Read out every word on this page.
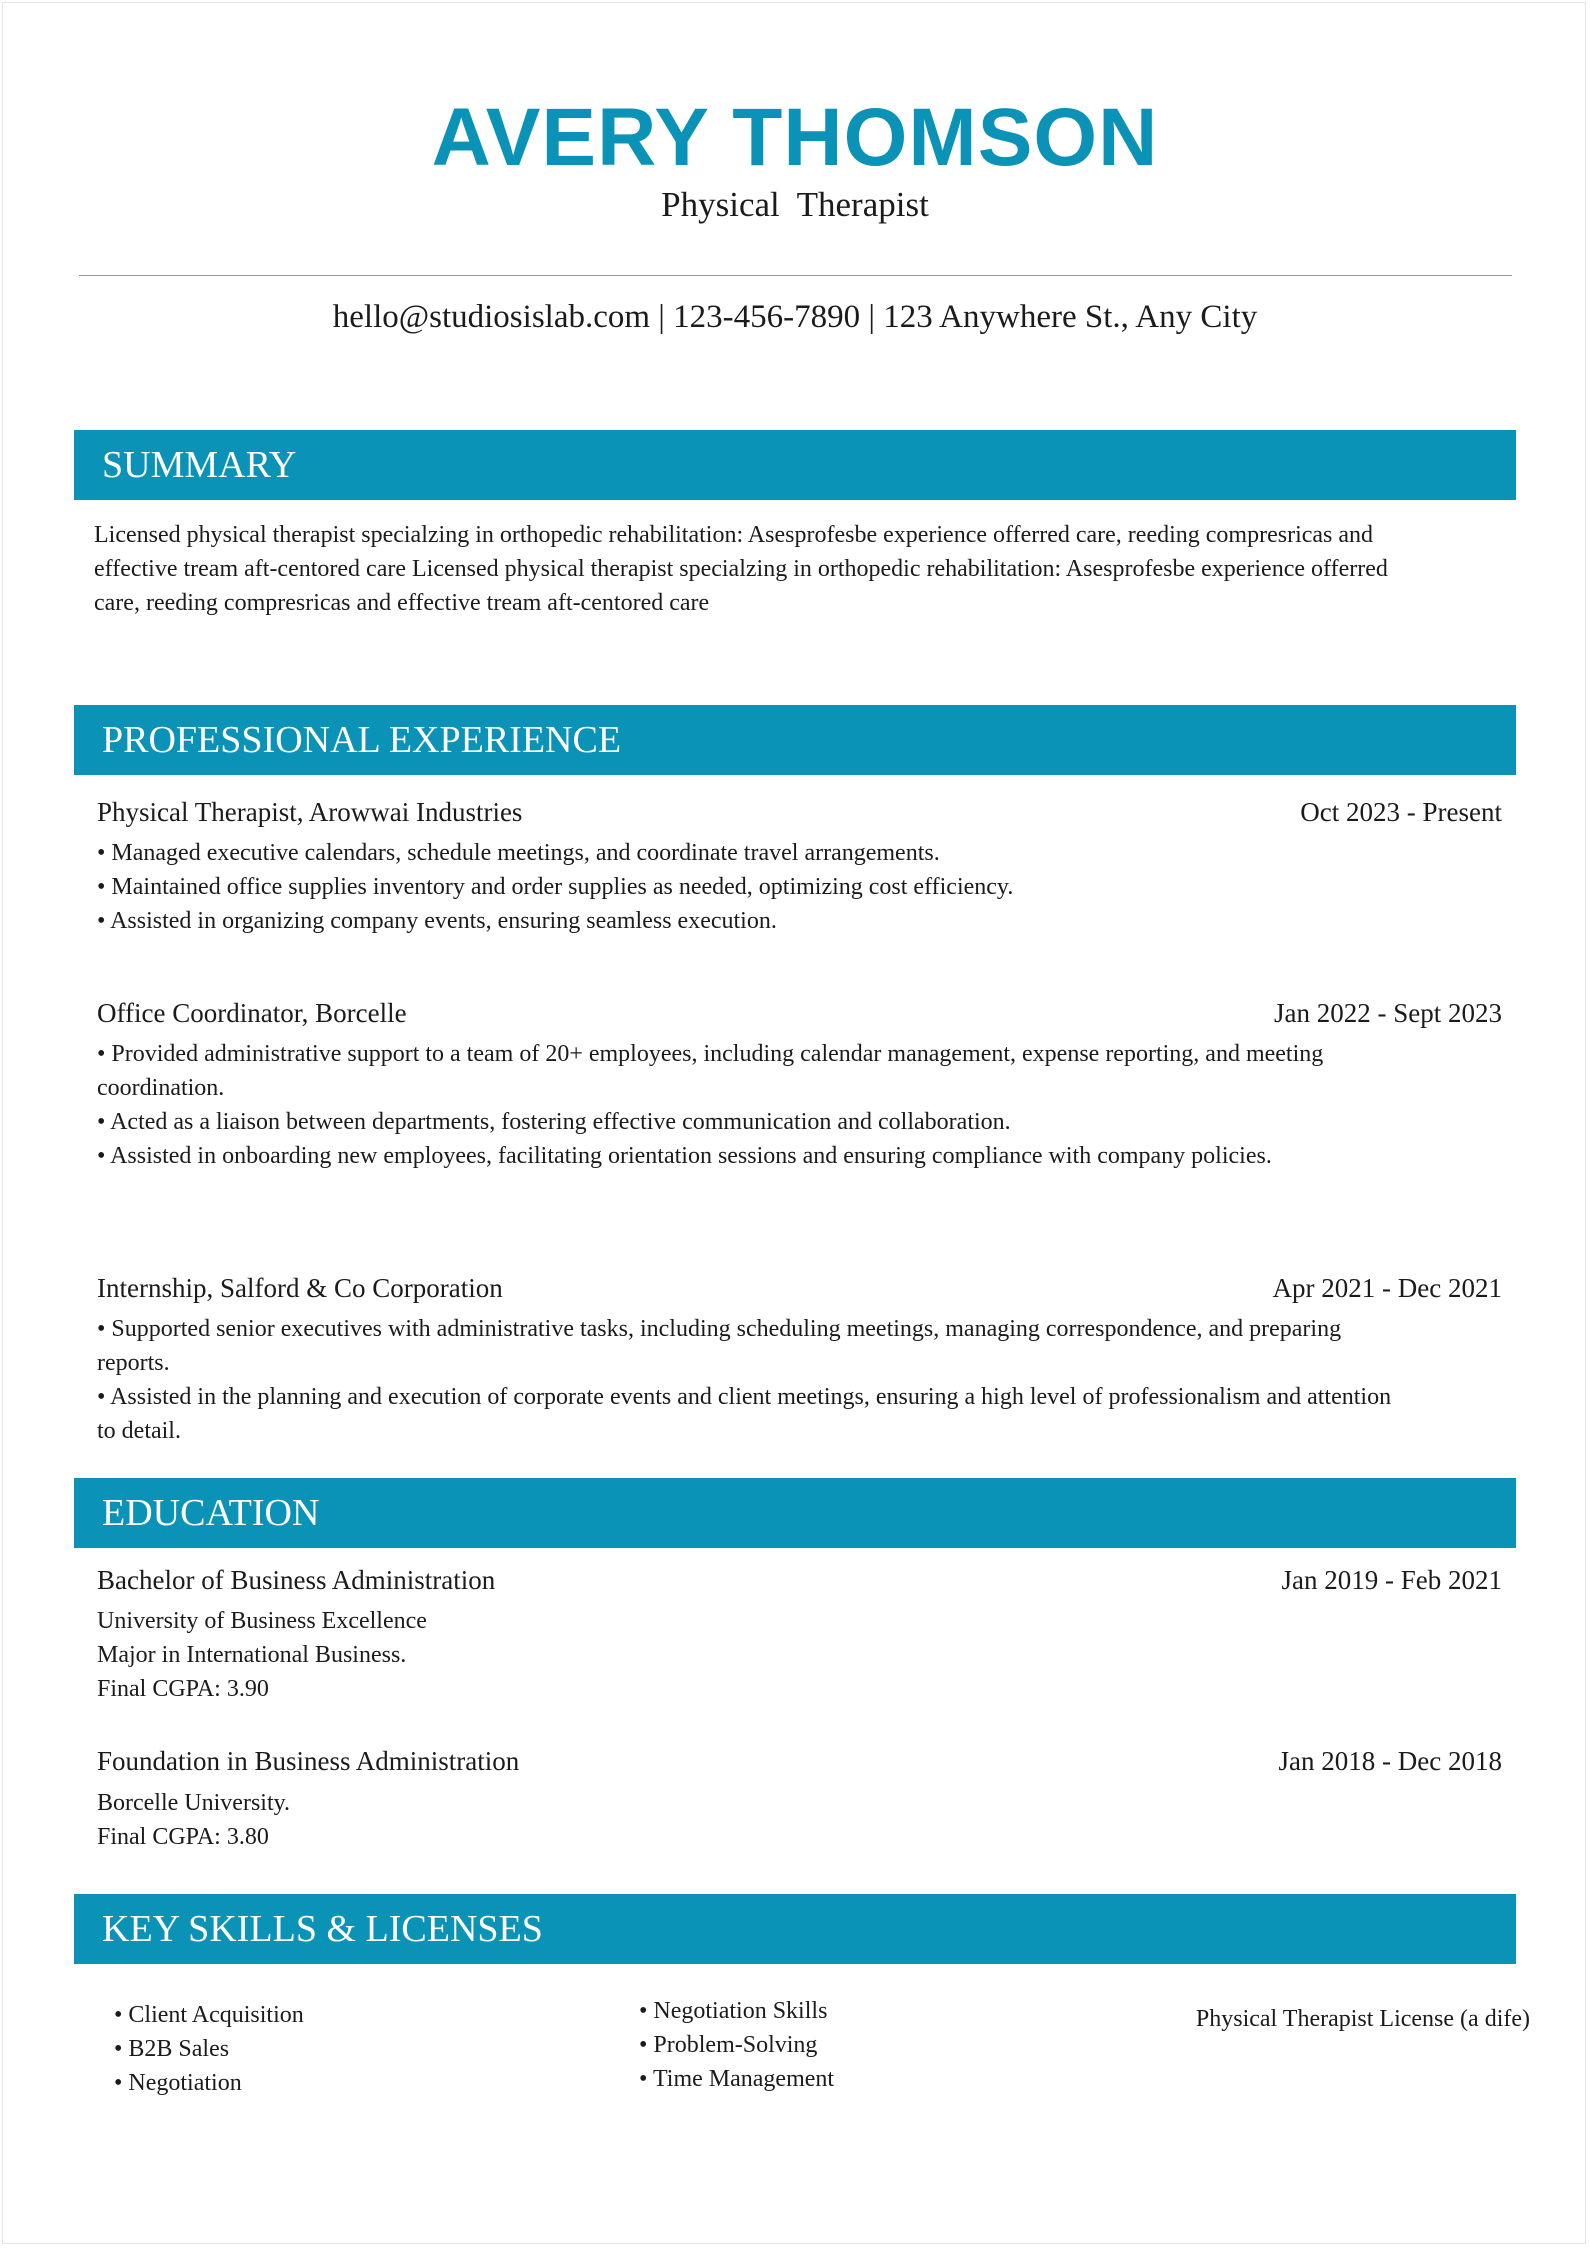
AVERY THOMSON
Physical  Therapist
hello@studiosislab.com | 123-456-7890 | 123 Anywhere St., Any City
SUMMARY
Licensed physical therapist specialzing in orthopedic rehabilitation: Asesprofesbe experience offerred care, reeding compresricas and
effective tream aft-centored care Licensed physical therapist specialzing in orthopedic rehabilitation: Asesprofesbe experience offerred
care, reeding compresricas and effective tream aft-centored care
PROFESSIONAL EXPERIENCE
Physical Therapist, Arowwai Industries	Oct 2023 - Present
• Managed executive calendars, schedule meetings, and coordinate travel arrangements.
• Maintained office supplies inventory and order supplies as needed, optimizing cost efficiency.
• Assisted in organizing company events, ensuring seamless execution.
Office Coordinator, Borcelle	Jan 2022 - Sept 2023
• Provided administrative support to a team of 20+ employees, including calendar management, expense reporting, and meeting
coordination.
• Acted as a liaison between departments, fostering effective communication and collaboration.
• Assisted in onboarding new employees, facilitating orientation sessions and ensuring compliance with company policies.
Internship, Salford & Co Corporation	Apr 2021 - Dec 2021
• Supported senior executives with administrative tasks, including scheduling meetings, managing correspondence, and preparing
reports.
• Assisted in the planning and execution of corporate events and client meetings, ensuring a high level of professionalism and attention
to detail.
EDUCATION
Bachelor of Business Administration	Jan 2019 - Feb 2021
University of Business Excellence
Major in International Business.
Final CGPA: 3.90
Foundation in Business Administration	Jan 2018 - Dec 2018
Borcelle University.
Final CGPA: 3.80
KEY SKILLS & LICENSES
• Client Acquisition
• B2B Sales
• Negotiation
• Negotiation Skills
• Problem-Solving
• Time Management
Physical Therapist License (a dife)
